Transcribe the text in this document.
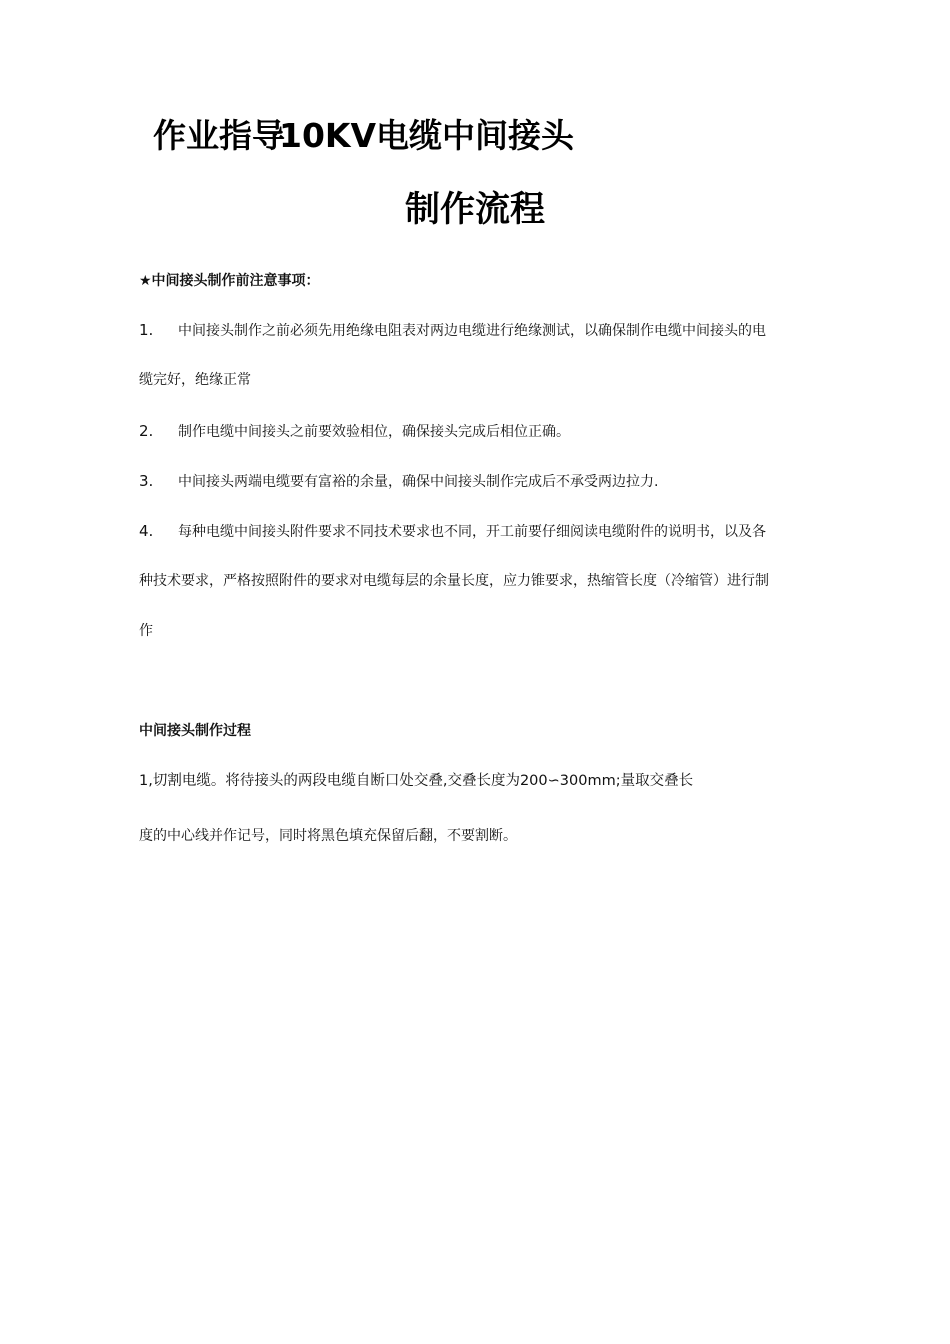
作业指导10KV电缆中间接头
制作流程
★中间接头制作前注意事项：
1. 中间接头制作之前必须先用绝缘电阻表对两边电缆进行绝缘测试，以确保制作电缆中间接头的电
缆完好，绝缘正常
2. 制作电缆中间接头之前要效验相位，确保接头完成后相位正确。
3. 中间接头两端电缆要有富裕的余量，确保中间接头制作完成后不承受两边拉力.
4. 每种电缆中间接头附件要求不同技术要求也不同，开工前要仔细阅读电缆附件的说明书，以及各
种技术要求，严格按照附件的要求对电缆每层的余量长度，应力锥要求，热缩管长度（冷缩管）进行制
作
中间接头制作过程
1,切割电缆。将待接头的两段电缆自断口处交叠,交叠长度为200∽300mm;量取交叠长
度的中心线并作记号，同时将黑色填充保留后翻，不要割断。
